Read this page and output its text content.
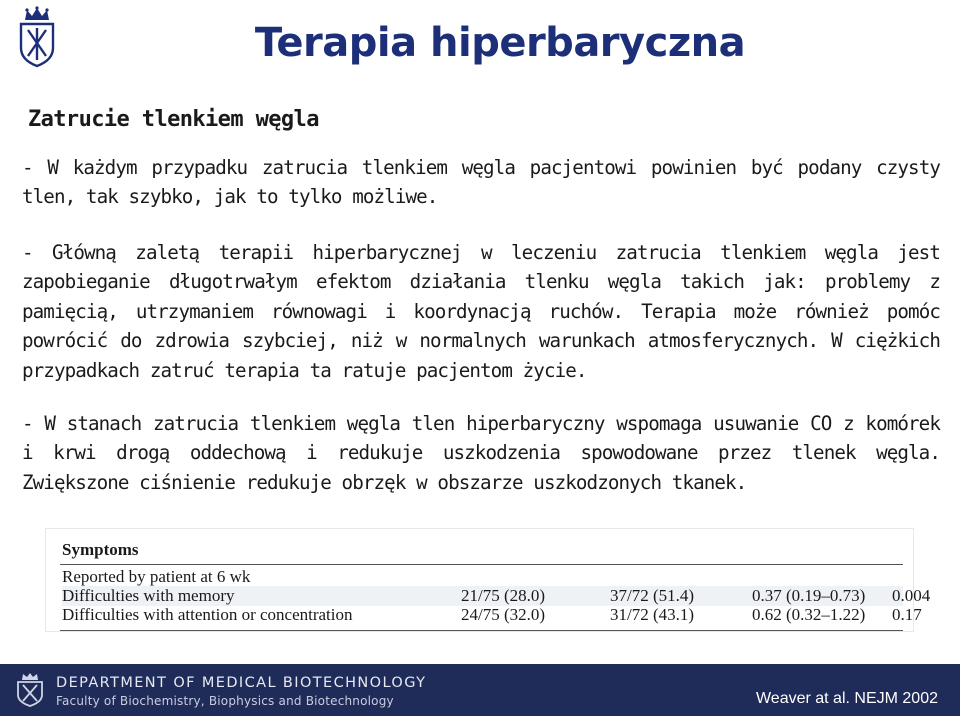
Terapia hiperbaryczna
Zatrucie tlenkiem węgla
- W każdym przypadku zatrucia tlenkiem węgla pacjentowi powinien być podany czysty tlen, tak szybko, jak to tylko możliwe.
- Główną zaletą terapii hiperbarycznej w leczeniu zatrucia tlenkiem węgla jest zapobieganie długotrwałym efektom działania tlenku węgla takich jak: problemy z pamięcią, utrzymaniem równowagi i koordynacją ruchów. Terapia może również pomóc powrócić do zdrowia szybciej, niż w normalnych warunkach atmosferycznych. W ciężkich przypadkach zatruć terapia ta ratuje pacjentom życie.
- W stanach zatrucia tlenkiem węgla tlen hiperbaryczny wspomaga usuwanie CO z komórek i krwi drogą oddechową i redukuje uszkodzenia spowodowane przez tlenek węgla. Zwiększone ciśnienie redukuje obrzęk w obszarze uszkodzonych tkanek.
Symptoms
Reported by patient at 6 wk
Difficulties with memory	21/75 (28.0)	37/72 (51.4)	0.37 (0.19–0.73) 0.004
Difficulties with attention or concentration	24/75 (32.0)	31/72 (43.1)	0.62 (0.32–1.22) 0.17
DEPARTMENT OF MEDICAL BIOTECHNOLOGY
Faculty of Biochemistry, Biophysics and Biotechnology	Weaver at al. NEJM 2002
